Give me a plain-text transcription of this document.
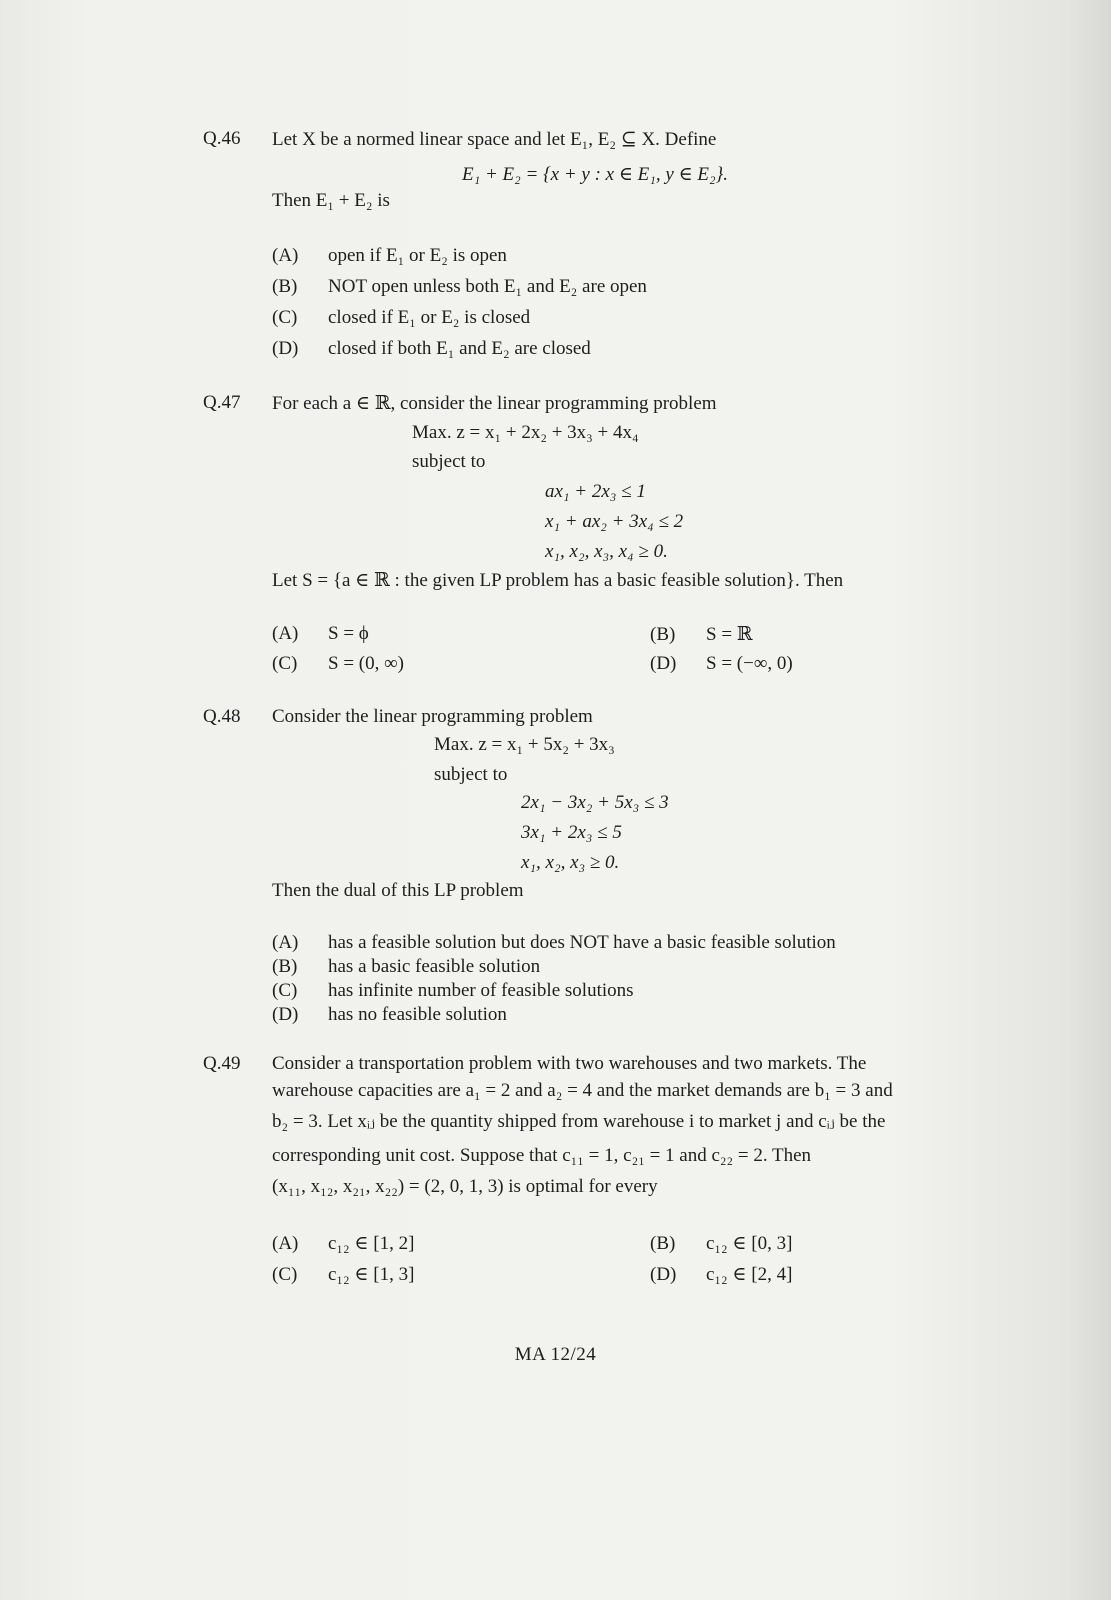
Q.46 Let X be a normed linear space and let E₁, E₂ ⊆ X. Define
E₁ + E₂ = {x + y : x ∈ E₁, y ∈ E₂}.
Then E₁ + E₂ is
(A) open if E₁ or E₂ is open
(B) NOT open unless both E₁ and E₂ are open
(C) closed if E₁ or E₂ is closed
(D) closed if both E₁ and E₂ are closed
Q.47 For each a ∈ ℝ, consider the linear programming problem
Max. z = x₁ + 2x₂ + 3x₃ + 4x₄
subject to
ax₁ + 2x₃ ≤ 1
x₁ + ax₂ + 3x₄ ≤ 2
x₁, x₂, x₃, x₄ ≥ 0.
Let S = {a ∈ ℝ : the given LP problem has a basic feasible solution}. Then
(A) S = ϕ	(B) S = ℝ
(C) S = (0, ∞)	(D) S = (−∞, 0)
Q.48 Consider the linear programming problem
Max. z = x₁ + 5x₂ + 3x₃
subject to
2x₁ − 3x₂ + 5x₃ ≤ 3
3x₁ + 2x₃ ≤ 5
x₁, x₂, x₃ ≥ 0.
Then the dual of this LP problem
(A) has a feasible solution but does NOT have a basic feasible solution
(B) has a basic feasible solution
(C) has infinite number of feasible solutions
(D) has no feasible solution
Q.49 Consider a transportation problem with two warehouses and two markets. The
warehouse capacities are a₁ = 2 and a₂ = 4 and the market demands are b₁ = 3 and
b₂ = 3. Let xᵢⱼ be the quantity shipped from warehouse i to market j and cᵢⱼ be the
corresponding unit cost. Suppose that c₁₁ = 1, c₂₁ = 1 and c₂₂ = 2. Then
(x₁₁, x₁₂, x₂₁, x₂₂) = (2, 0, 1, 3) is optimal for every
(A) c₁₂ ∈ [1, 2]	(B) c₁₂ ∈ [0, 3]
(C) c₁₂ ∈ [1, 3]	(D) c₁₂ ∈ [2, 4]
MA 12/24
